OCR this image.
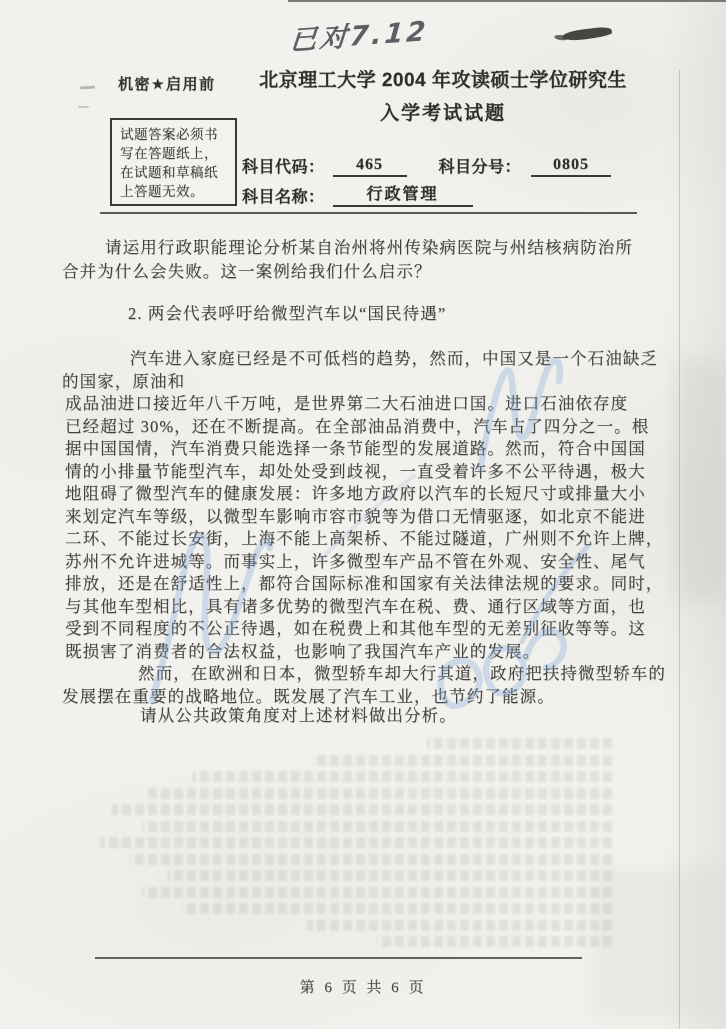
已对7.12
机密★启用前	北京理工大学 2004 年攻读硕士学位研究生
入学考试试题
试题答案必须书
写在答题纸上，
在试题和草稿纸
上答题无效。
科目代码：	465	科目分号：	0805
科目名称：	行政管理
请运用行政职能理论分析某自治州将州传染病医院与州结核病防治所
合并为什么会失败。这一案例给我们什么启示？
2. 两会代表呼吁给微型汽车以“国民待遇”
汽车进入家庭已经是不可低档的趋势，然而，中国又是一个石油缺乏
的国家，原油和
成品油进口接近年八千万吨，是世界第二大石油进口国。进口石油依存度
已经超过 30%，还在不断提高。在全部油品消费中，汽车占了四分之一。根
据中国国情，汽车消费只能选择一条节能型的发展道路。然而，符合中国国
情的小排量节能型汽车，却处处受到歧视，一直受着许多不公平待遇，极大
地阻碍了微型汽车的健康发展：许多地方政府以汽车的长短尺寸或排量大小
来划定汽车等级，以微型车影响市容市貌等为借口无情驱逐，如北京不能进
二环、不能过长安街，上海不能上高架桥、不能过隧道，广州则不允许上牌，
苏州不允许进城等。而事实上，许多微型车产品不管在外观、安全性、尾气
排放，还是在舒适性上，都符合国际标准和国家有关法律法规的要求。同时，
与其他车型相比，具有诸多优势的微型汽车在税、费、通行区域等方面，也
受到不同程度的不公正待遇，如在税费上和其他车型的无差别征收等等。这
既损害了消费者的合法权益，也影响了我国汽车产业的发展。
然而，在欧洲和日本，微型轿车却大行其道，政府把扶持微型轿车的
发展摆在重要的战略地位。既发展了汽车工业，也节约了能源。
请从公共政策角度对上述材料做出分析。
第 6 页 共 6 页
